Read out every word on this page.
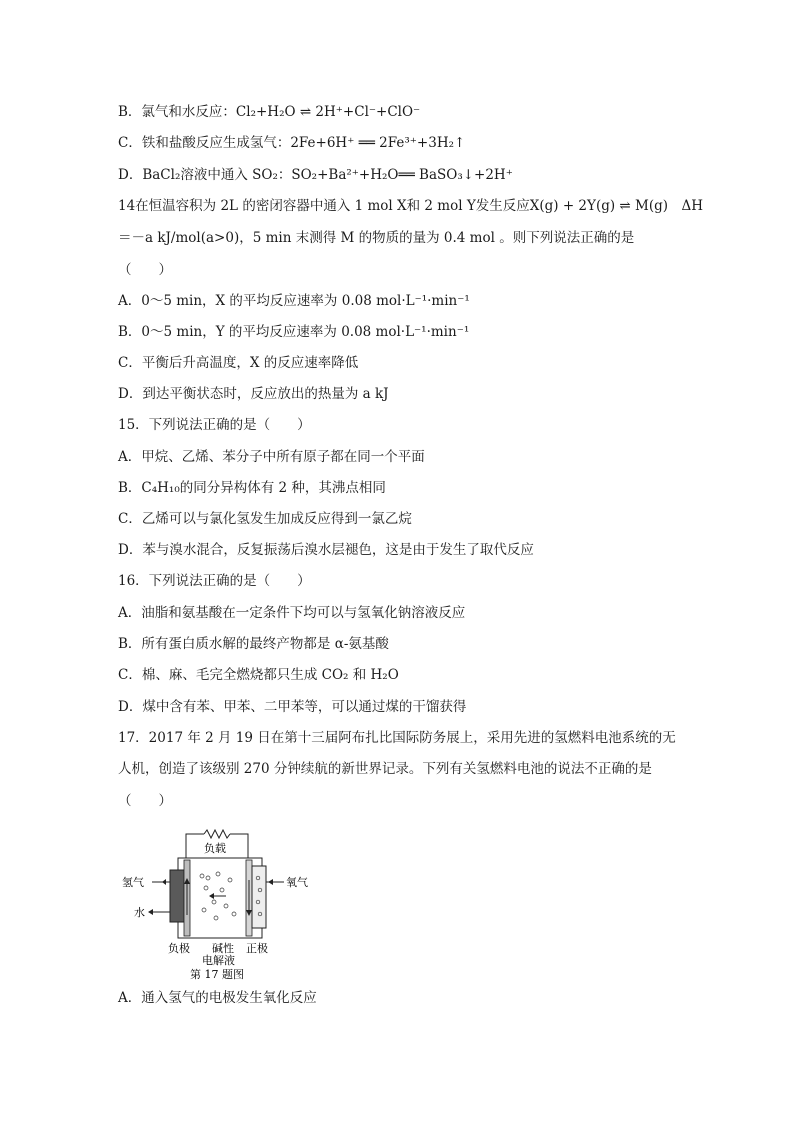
B．氯气和水反应：Cl₂+H₂O ⇌ 2H⁺+Cl⁻+ClO⁻
C．铁和盐酸反应生成氢气：2Fe+6H⁺ ══ 2Fe³⁺+3H₂↑
D．BaCl₂溶液中通入 SO₂：SO₂+Ba²⁺+H₂O══ BaSO₃↓+2H⁺
14在恒温容积为 2L 的密闭容器中通入 1 mol X和 2 mol Y发生反应X(g) + 2Y(g) ⇌ M(g)　ΔH
＝－a kJ/mol(a>0)，5 min 末测得 M 的物质的量为 0.4 mol 。则下列说法正确的是
（　　）
A．0～5 min，X 的平均反应速率为 0.08 mol·L⁻¹·min⁻¹
B．0～5 min，Y 的平均反应速率为 0.08 mol·L⁻¹·min⁻¹
C．平衡后升高温度，X 的反应速率降低
D．到达平衡状态时，反应放出的热量为 a kJ
15．下列说法正确的是（　　）
A．甲烷、乙烯、苯分子中所有原子都在同一个平面
B．C₄H₁₀的同分异构体有 2 种，其沸点相同
C．乙烯可以与氯化氢发生加成反应得到一氯乙烷
D．苯与溴水混合，反复振荡后溴水层褪色，这是由于发生了取代反应
16．下列说法正确的是（　　）
A．油脂和氨基酸在一定条件下均可以与氢氧化钠溶液反应
B．所有蛋白质水解的最终产物都是 α-氨基酸
C．棉、麻、毛完全燃烧都只生成 CO₂ 和 H₂O
D．煤中含有苯、甲苯、二甲苯等，可以通过煤的干馏获得
17．2017 年 2 月 19 日在第十三届阿布扎比国际防务展上，采用先进的氢燃料电池系统的无
人机，创造了该级别 270 分钟续航的新世界记录。下列有关氢燃料电池的说法不正确的是
（　　）
负载
氢气
水
氧气
负极 碱性
电解液
正极
第 17 题图
A．通入氢气的电极发生氧化反应
